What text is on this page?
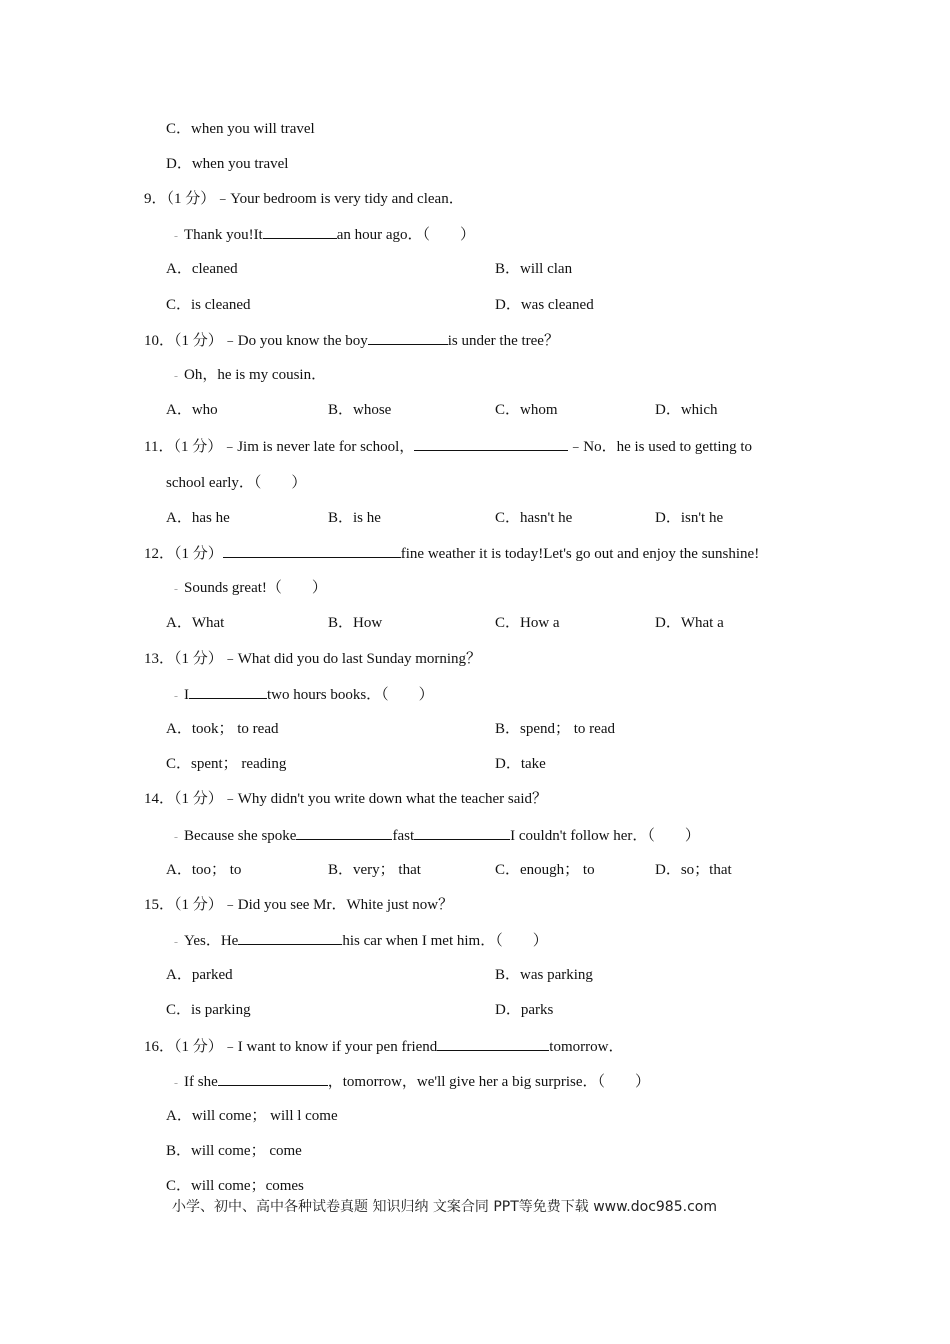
C．when you will travel
D．when you travel
9．（1 分）﹣Your bedroom is very tidy and clean．
﹣ Thank you!It	an hour ago．（　　）
A．cleaned	B．will clan
C．is cleaned	D．was cleaned
10．（1 分）﹣Do you know the boy	is under the tree？
﹣ Oh，he is my cousin．
A．who	B．whose	C．whom	D．which
11．（1 分）﹣Jim is never late for school，	﹣No．he is used to getting to
school early．（　　）
A．has he	B．is he	C．hasn't he	D．isn't he
12．（1 分）	fine weather it is today!Let's go out and enjoy the sunshine!
﹣ Sounds great!（　　）
A．What	B．How	C．How a	D．What a
13．（1 分）﹣What did you do last Sunday morning？
﹣ I	two hours books．（　　）
A．took； to read	B．spend； to read
C．spent； reading	D．take
14．（1 分）﹣Why didn't you write down what the teacher said？
﹣ Because she spoke	fast	I couldn't follow her．（　　）
A．too； to	B．very； that	C．enough； to	D．so；that
15．（1 分）﹣Did you see Mr．White just now？
﹣ Yes．He	his car when I met him．（　　）
A．parked	B．was parking
C．is parking	D．parks
16．（1 分）﹣I want to know if your pen friend	tomorrow．
﹣ If she	，tomorrow，we'll give her a big surprise．（　　）
A．will come； will l come
B．will come； come
C．will come；comes
小学、初中、高中各种试卷真题 知识归纳 文案合同 PPT等免费下载 www.doc985.com
